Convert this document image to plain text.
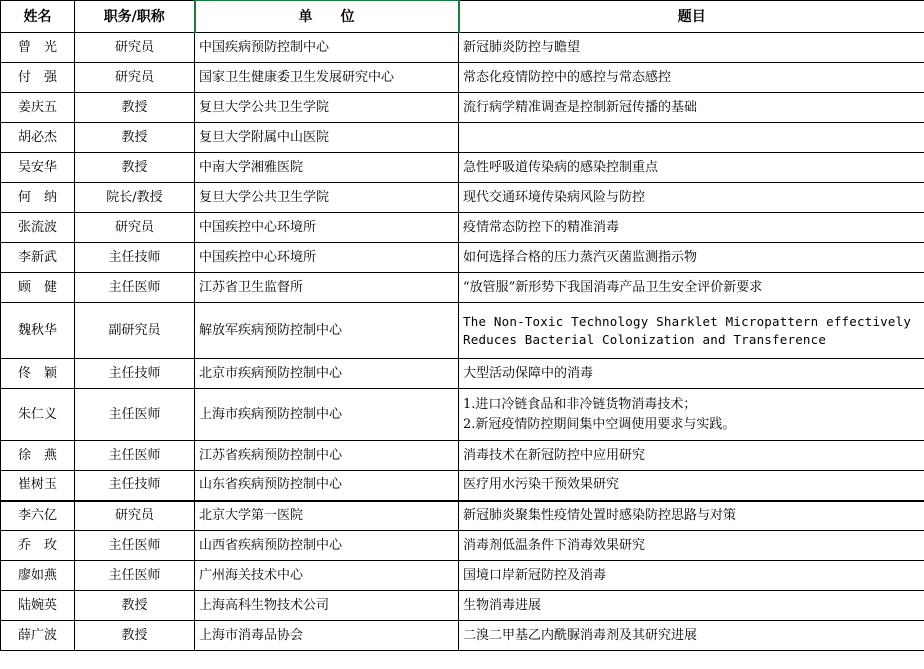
姓名	职务/职称	单　　位	题目
曾　光	研究员	中国疾病预防控制中心	新冠肺炎防控与瞻望
付　强	研究员	国家卫生健康委卫生发展研究中心	常态化疫情防控中的感控与常态感控
姜庆五	教授	复旦大学公共卫生学院	流行病学精准调查是控制新冠传播的基础
胡必杰	教授	复旦大学附属中山医院	
吴安华	教授	中南大学湘雅医院	急性呼吸道传染病的感染控制重点
何　纳	院长/教授	复旦大学公共卫生学院	现代交通环境传染病风险与防控
张流波	研究员	中国疾控中心环境所	疫情常态防控下的精准消毒
李新武	主任技师	中国疾控中心环境所	如何选择合格的压力蒸汽灭菌监测指示物
顾　健	主任医师	江苏省卫生监督所	“放管服”新形势下我国消毒产品卫生安全评价新要求
魏秋华	副研究员	解放军疾病预防控制中心	The Non-Toxic Technology Sharklet Micropattern effectively Reduces Bacterial Colonization and Transference
佟　颖	主任技师	北京市疾病预防控制中心	大型活动保障中的消毒
朱仁义	主任医师	上海市疾病预防控制中心	1.进口冷链食品和非冷链货物消毒技术；
2.新冠疫情防控期间集中空调使用要求与实践。

徐　燕	主任医师	江苏省疾病预防控制中心	消毒技术在新冠防控中应用研究
崔树玉	主任技师	山东省疾病预防控制中心	医疗用水污染干预效果研究
李六亿	研究员	北京大学第一医院	新冠肺炎聚集性疫情处置时感染防控思路与对策
乔　玫	主任医师	山西省疾病预防控制中心	消毒剂低温条件下消毒效果研究
廖如燕	主任医师	广州海关技术中心	国境口岸新冠防控及消毒
陆婉英	教授	上海高科生物技术公司	生物消毒进展
薛广波	教授	上海市消毒品协会	二溴二甲基乙内酰脲消毒剂及其研究进展
